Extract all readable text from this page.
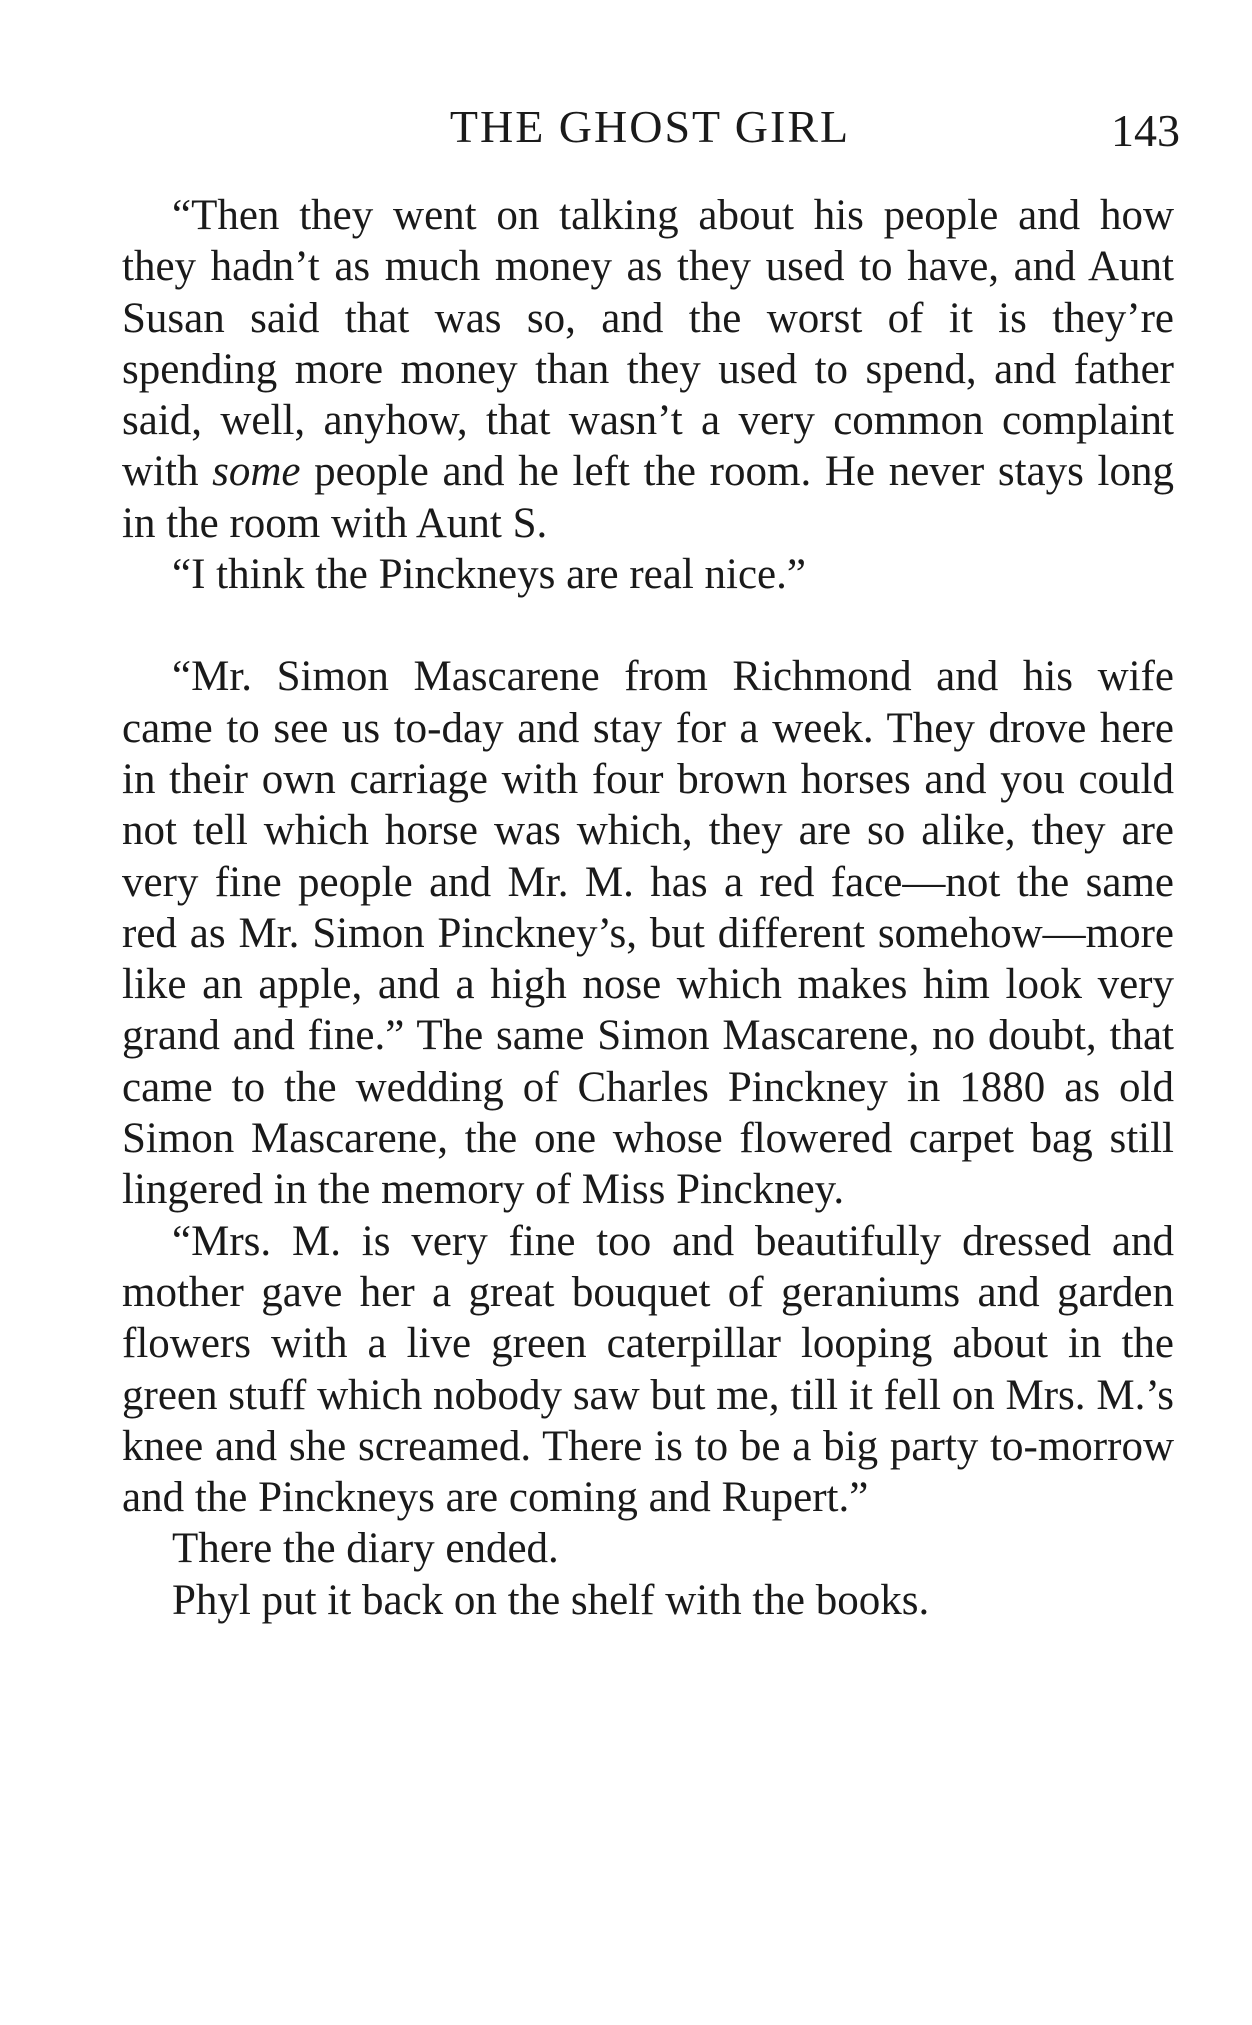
THE GHOST GIRL	143

“Then they went on talking about his people and how they hadn’t as much money as they used to have, and Aunt Susan said that was so, and the worst of it is they’re spending more money than they used to spend, and father said, well, anyhow, that wasn’t a very common complaint with some people and he left the room. He never stays long in the room with Aunt S.

“I think the Pinckneys are real nice.”

“Mr. Simon Mascarene from Richmond and his wife came to see us to-day and stay for a week. They drove here in their own carriage with four brown horses and you could not tell which horse was which, they are so alike, they are very fine people and Mr. M. has a red face—not the same red as Mr. Simon Pinckney’s, but different somehow—more like an apple, and a high nose which makes him look very grand and fine.” The same Simon Mascarene, no doubt, that came to the wedding of Charles Pinckney in 1880 as old Simon Mascarene, the one whose flowered carpet bag still lingered in the memory of Miss Pinckney.

“Mrs. M. is very fine too and beautifully dressed and mother gave her a great bouquet of geraniums and garden flowers with a live green caterpillar looping about in the green stuff which nobody saw but me, till it fell on Mrs. M.’s knee and she screamed. There is to be a big party to-morrow and the Pinckneys are coming and Rupert.”

There the diary ended.

Phyl put it back on the shelf with the books.
